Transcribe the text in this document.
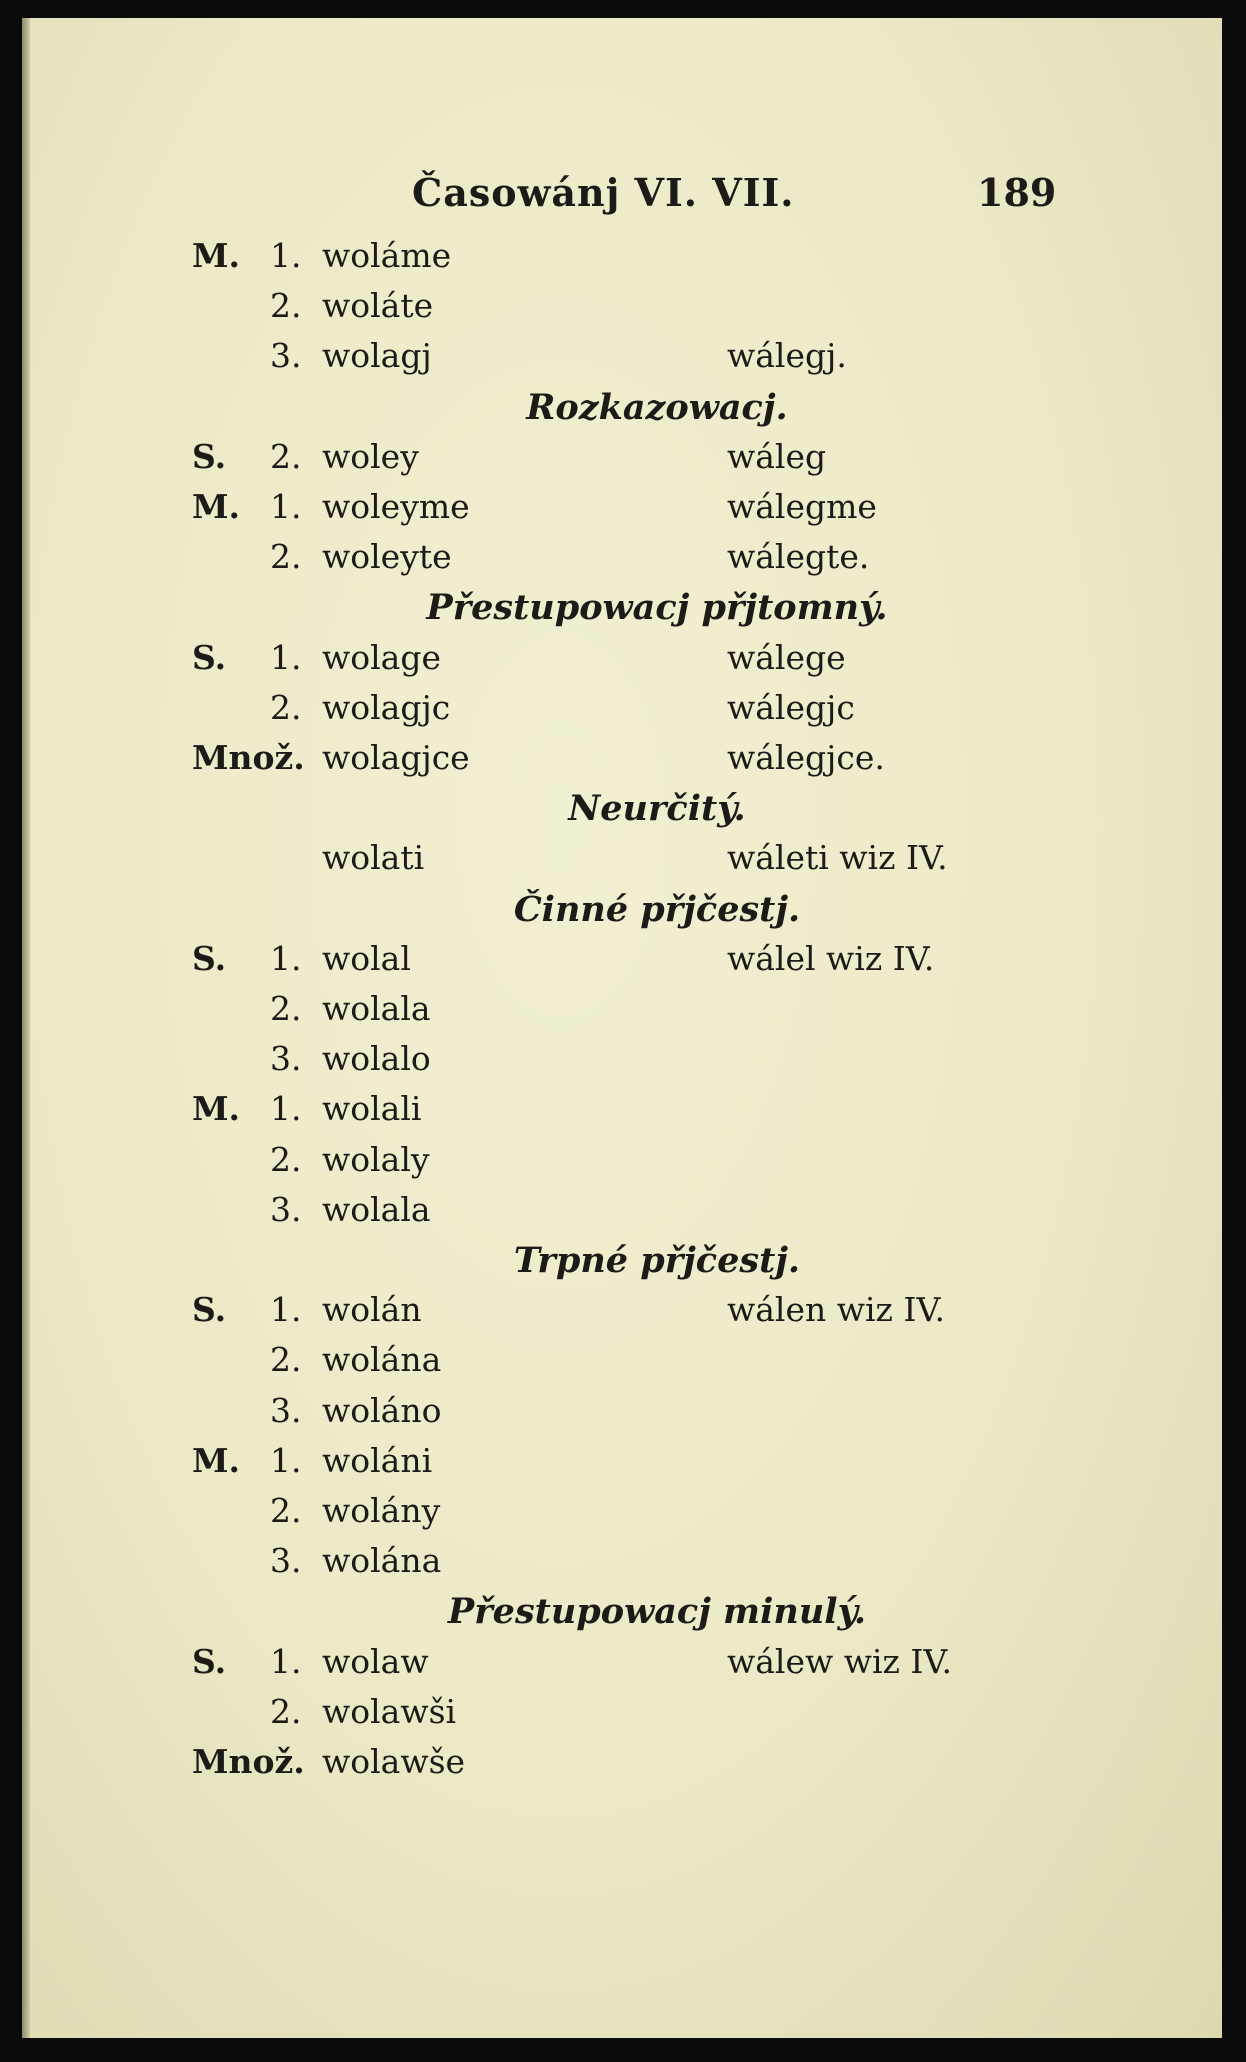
Časowánj VI. VII.	189
M. 1. woláme
2. woláte
3. wolagj	wálegj.
Rozkazowacj.
S. 2. woley	wáleg
M. 1. woleyme	wálegme
2. woleyte	wálegte.
Přestupowacj přjtomný.
S. 1. wolage	wálege
2. wolagjc	wálegjc
Množ. wolagjce	wálegjce.
Neurčitý.
wolati	wáleti wiz IV.
Činné přjčestj.
S. 1. wolal	wálel wiz IV.
2. wolala
3. wolalo
M. 1. wolali
2. wolaly
3. wolala
Trpné přjčestj.
S. 1. wolán	wálen wiz IV.
2. wolána
3. woláno
M. 1. woláni
2. wolány
3. wolána
Přestupowacj minulý.
S. 1. wolaw	wálew wiz IV.
2. wolawši
Množ. wolawše
